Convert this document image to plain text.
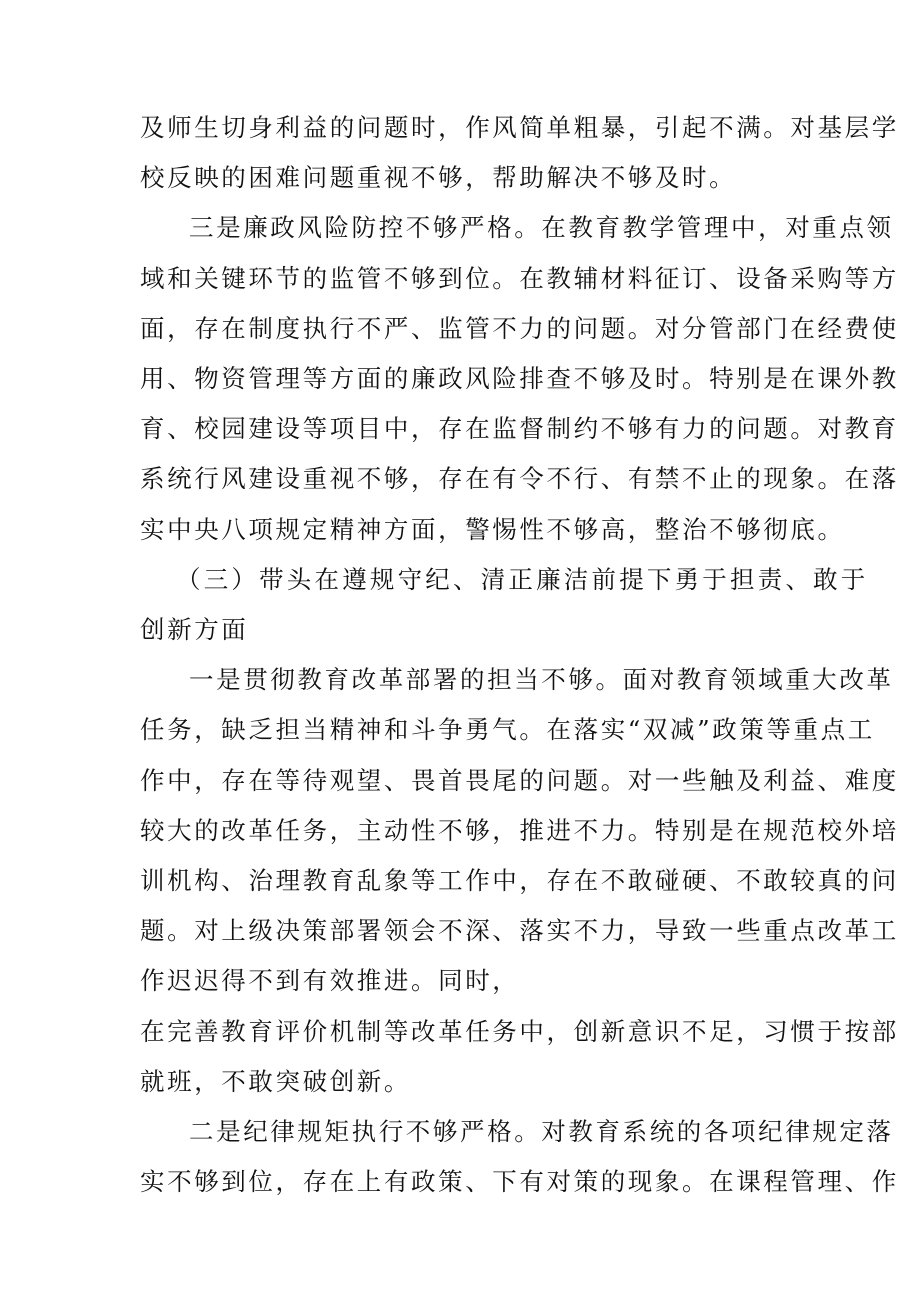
及师生切身利益的问题时，作风简单粗暴，引起不满。对基层学
校反映的困难问题重视不够，帮助解决不够及时。
三是廉政风险防控不够严格。在教育教学管理中，对重点领
域和关键环节的监管不够到位。在教辅材料征订、设备采购等方
面，存在制度执行不严、监管不力的问题。对分管部门在经费使
用、物资管理等方面的廉政风险排查不够及时。特别是在课外教
育、校园建设等项目中，存在监督制约不够有力的问题。对教育
系统行风建设重视不够，存在有令不行、有禁不止的现象。在落
实中央八项规定精神方面，警惕性不够高，整治不够彻底。
（三）带头在遵规守纪、清正廉洁前提下勇于担责、敢于
创新方面
一是贯彻教育改革部署的担当不够。面对教育领域重大改革
任务，缺乏担当精神和斗争勇气。在落实“双减”政策等重点工
作中，存在等待观望、畏首畏尾的问题。对一些触及利益、难度
较大的改革任务，主动性不够，推进不力。特别是在规范校外培
训机构、治理教育乱象等工作中，存在不敢碰硬、不敢较真的问
题。对上级决策部署领会不深、落实不力，导致一些重点改革工
作迟迟得不到有效推进。同时，
在完善教育评价机制等改革任务中，创新意识不足，习惯于按部
就班，不敢突破创新。
二是纪律规矩执行不够严格。对教育系统的各项纪律规定落
实不够到位，存在上有政策、下有对策的现象。在课程管理、作
